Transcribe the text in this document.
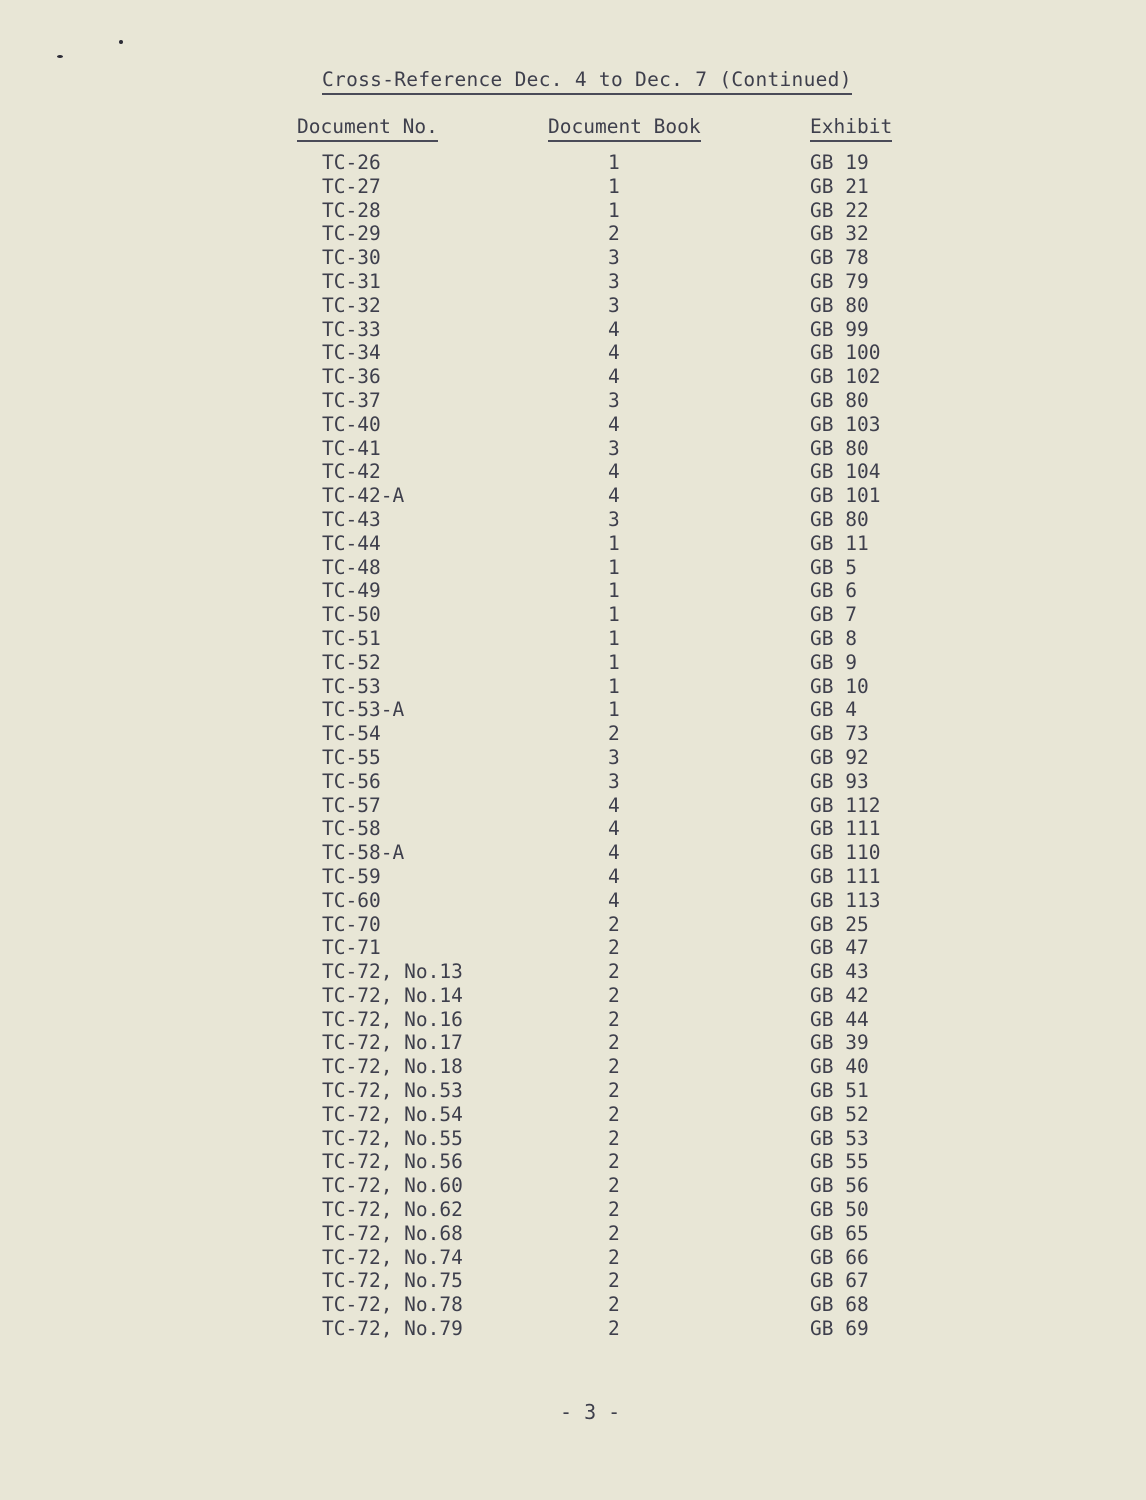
Cross-Reference Dec. 4 to Dec. 7 (Continued)
Document No.	Document Book	Exhibit
TC-26	1	GB 19
TC-27	1	GB 21
TC-28	1	GB 22
TC-29	2	GB 32
TC-30	3	GB 78
TC-31	3	GB 79
TC-32	3	GB 80
TC-33	4	GB 99
TC-34	4	GB 100
TC-36	4	GB 102
TC-37	3	GB 80
TC-40	4	GB 103
TC-41	3	GB 80
TC-42	4	GB 104
TC-42-A	4	GB 101
TC-43	3	GB 80
TC-44	1	GB 11
TC-48	1	GB 5
TC-49	1	GB 6
TC-50	1	GB 7
TC-51	1	GB 8
TC-52	1	GB 9
TC-53	1	GB 10
TC-53-A	1	GB 4
TC-54	2	GB 73
TC-55	3	GB 92
TC-56	3	GB 93
TC-57	4	GB 112
TC-58	4	GB 111
TC-58-A	4	GB 110
TC-59	4	GB 111
TC-60	4	GB 113
TC-70	2	GB 25
TC-71	2	GB 47
TC-72, No.13	2	GB 43
TC-72, No.14	2	GB 42
TC-72, No.16	2	GB 44
TC-72, No.17	2	GB 39
TC-72, No.18	2	GB 40
TC-72, No.53	2	GB 51
TC-72, No.54	2	GB 52
TC-72, No.55	2	GB 53
TC-72, No.56	2	GB 55
TC-72, No.60	2	GB 56
TC-72, No.62	2	GB 50
TC-72, No.68	2	GB 65
TC-72, No.74	2	GB 66
TC-72, No.75	2	GB 67
TC-72, No.78	2	GB 68
TC-72, No.79	2	GB 69
- 3 -
